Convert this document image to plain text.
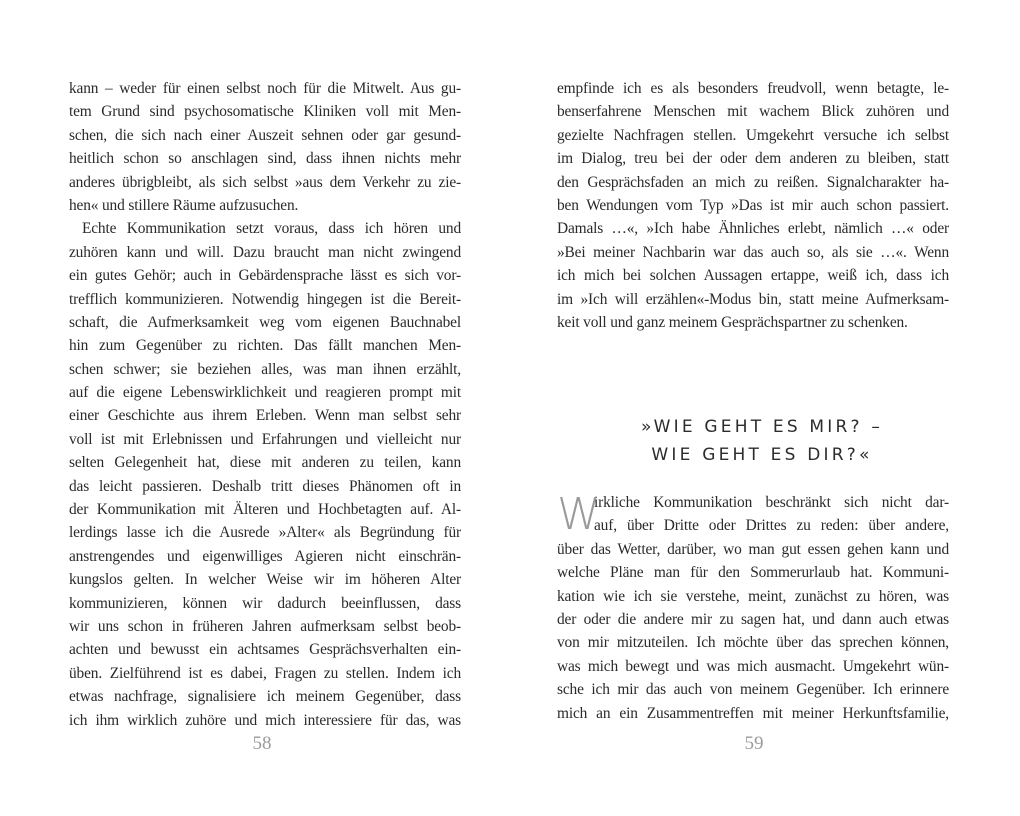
kann – weder für einen selbst noch für die Mitwelt. Aus gu-
tem Grund sind psychosomatische Kliniken voll mit Men-
schen, die sich nach einer Auszeit sehnen oder gar gesund-
heitlich schon so anschlagen sind, dass ihnen nichts mehr
anderes übrigbleibt, als sich selbst »aus dem Verkehr zu zie-
hen« und stillere Räume aufzusuchen.
Echte Kommunikation setzt voraus, dass ich hören und
zuhören kann und will. Dazu braucht man nicht zwingend
ein gutes Gehör; auch in Gebärdensprache lässt es sich vor-
trefflich kommunizieren. Notwendig hingegen ist die Bereit-
schaft, die Aufmerksamkeit weg vom eigenen Bauchnabel
hin zum Gegenüber zu richten. Das fällt manchen Men-
schen schwer; sie beziehen alles, was man ihnen erzählt,
auf die eigene Lebenswirklichkeit und reagieren prompt mit
einer Geschichte aus ihrem Erleben. Wenn man selbst sehr
voll ist mit Erlebnissen und Erfahrungen und vielleicht nur
selten Gelegenheit hat, diese mit anderen zu teilen, kann
das leicht passieren. Deshalb tritt dieses Phänomen oft in
der Kommunikation mit Älteren und Hochbetagten auf. Al-
lerdings lasse ich die Ausrede »Alter« als Begründung für
anstrengendes und eigenwilliges Agieren nicht einschrän-
kungslos gelten. In welcher Weise wir im höheren Alter
kommunizieren, können wir dadurch beeinflussen, dass
wir uns schon in früheren Jahren aufmerksam selbst beob-
achten und bewusst ein achtsames Gesprächsverhalten ein-
üben. Zielführend ist es dabei, Fragen zu stellen. Indem ich
etwas nachfrage, signalisiere ich meinem Gegenüber, dass
ich ihm wirklich zuhöre und mich interessiere für das, was
58
empfinde ich es als besonders freudvoll, wenn betagte, le-
benserfahrene Menschen mit wachem Blick zuhören und
gezielte Nachfragen stellen. Umgekehrt versuche ich selbst
im Dialog, treu bei der oder dem anderen zu bleiben, statt
den Gesprächsfaden an mich zu reißen. Signalcharakter ha-
ben Wendungen vom Typ »Das ist mir auch schon passiert.
Damals …«, »Ich habe Ähnliches erlebt, nämlich …« oder
»Bei meiner Nachbarin war das auch so, als sie …«. Wenn
ich mich bei solchen Aussagen ertappe, weiß ich, dass ich
im »Ich will erzählen«-Modus bin, statt meine Aufmerksam-
keit voll und ganz meinem Gesprächspartner zu schenken.
»WIE GEHT ES MIR? –
WIE GEHT ES DIR?«
W
irkliche Kommunikation beschränkt sich nicht dar-
auf, über Dritte oder Drittes zu reden: über andere,
über das Wetter, darüber, wo man gut essen gehen kann und
welche Pläne man für den Sommerurlaub hat. Kommuni-
kation wie ich sie verstehe, meint, zunächst zu hören, was
der oder die andere mir zu sagen hat, und dann auch etwas
von mir mitzuteilen. Ich möchte über das sprechen können,
was mich bewegt und was mich ausmacht. Umgekehrt wün-
sche ich mir das auch von meinem Gegenüber. Ich erinnere
mich an ein Zusammentreffen mit meiner Herkunftsfamilie,
59
